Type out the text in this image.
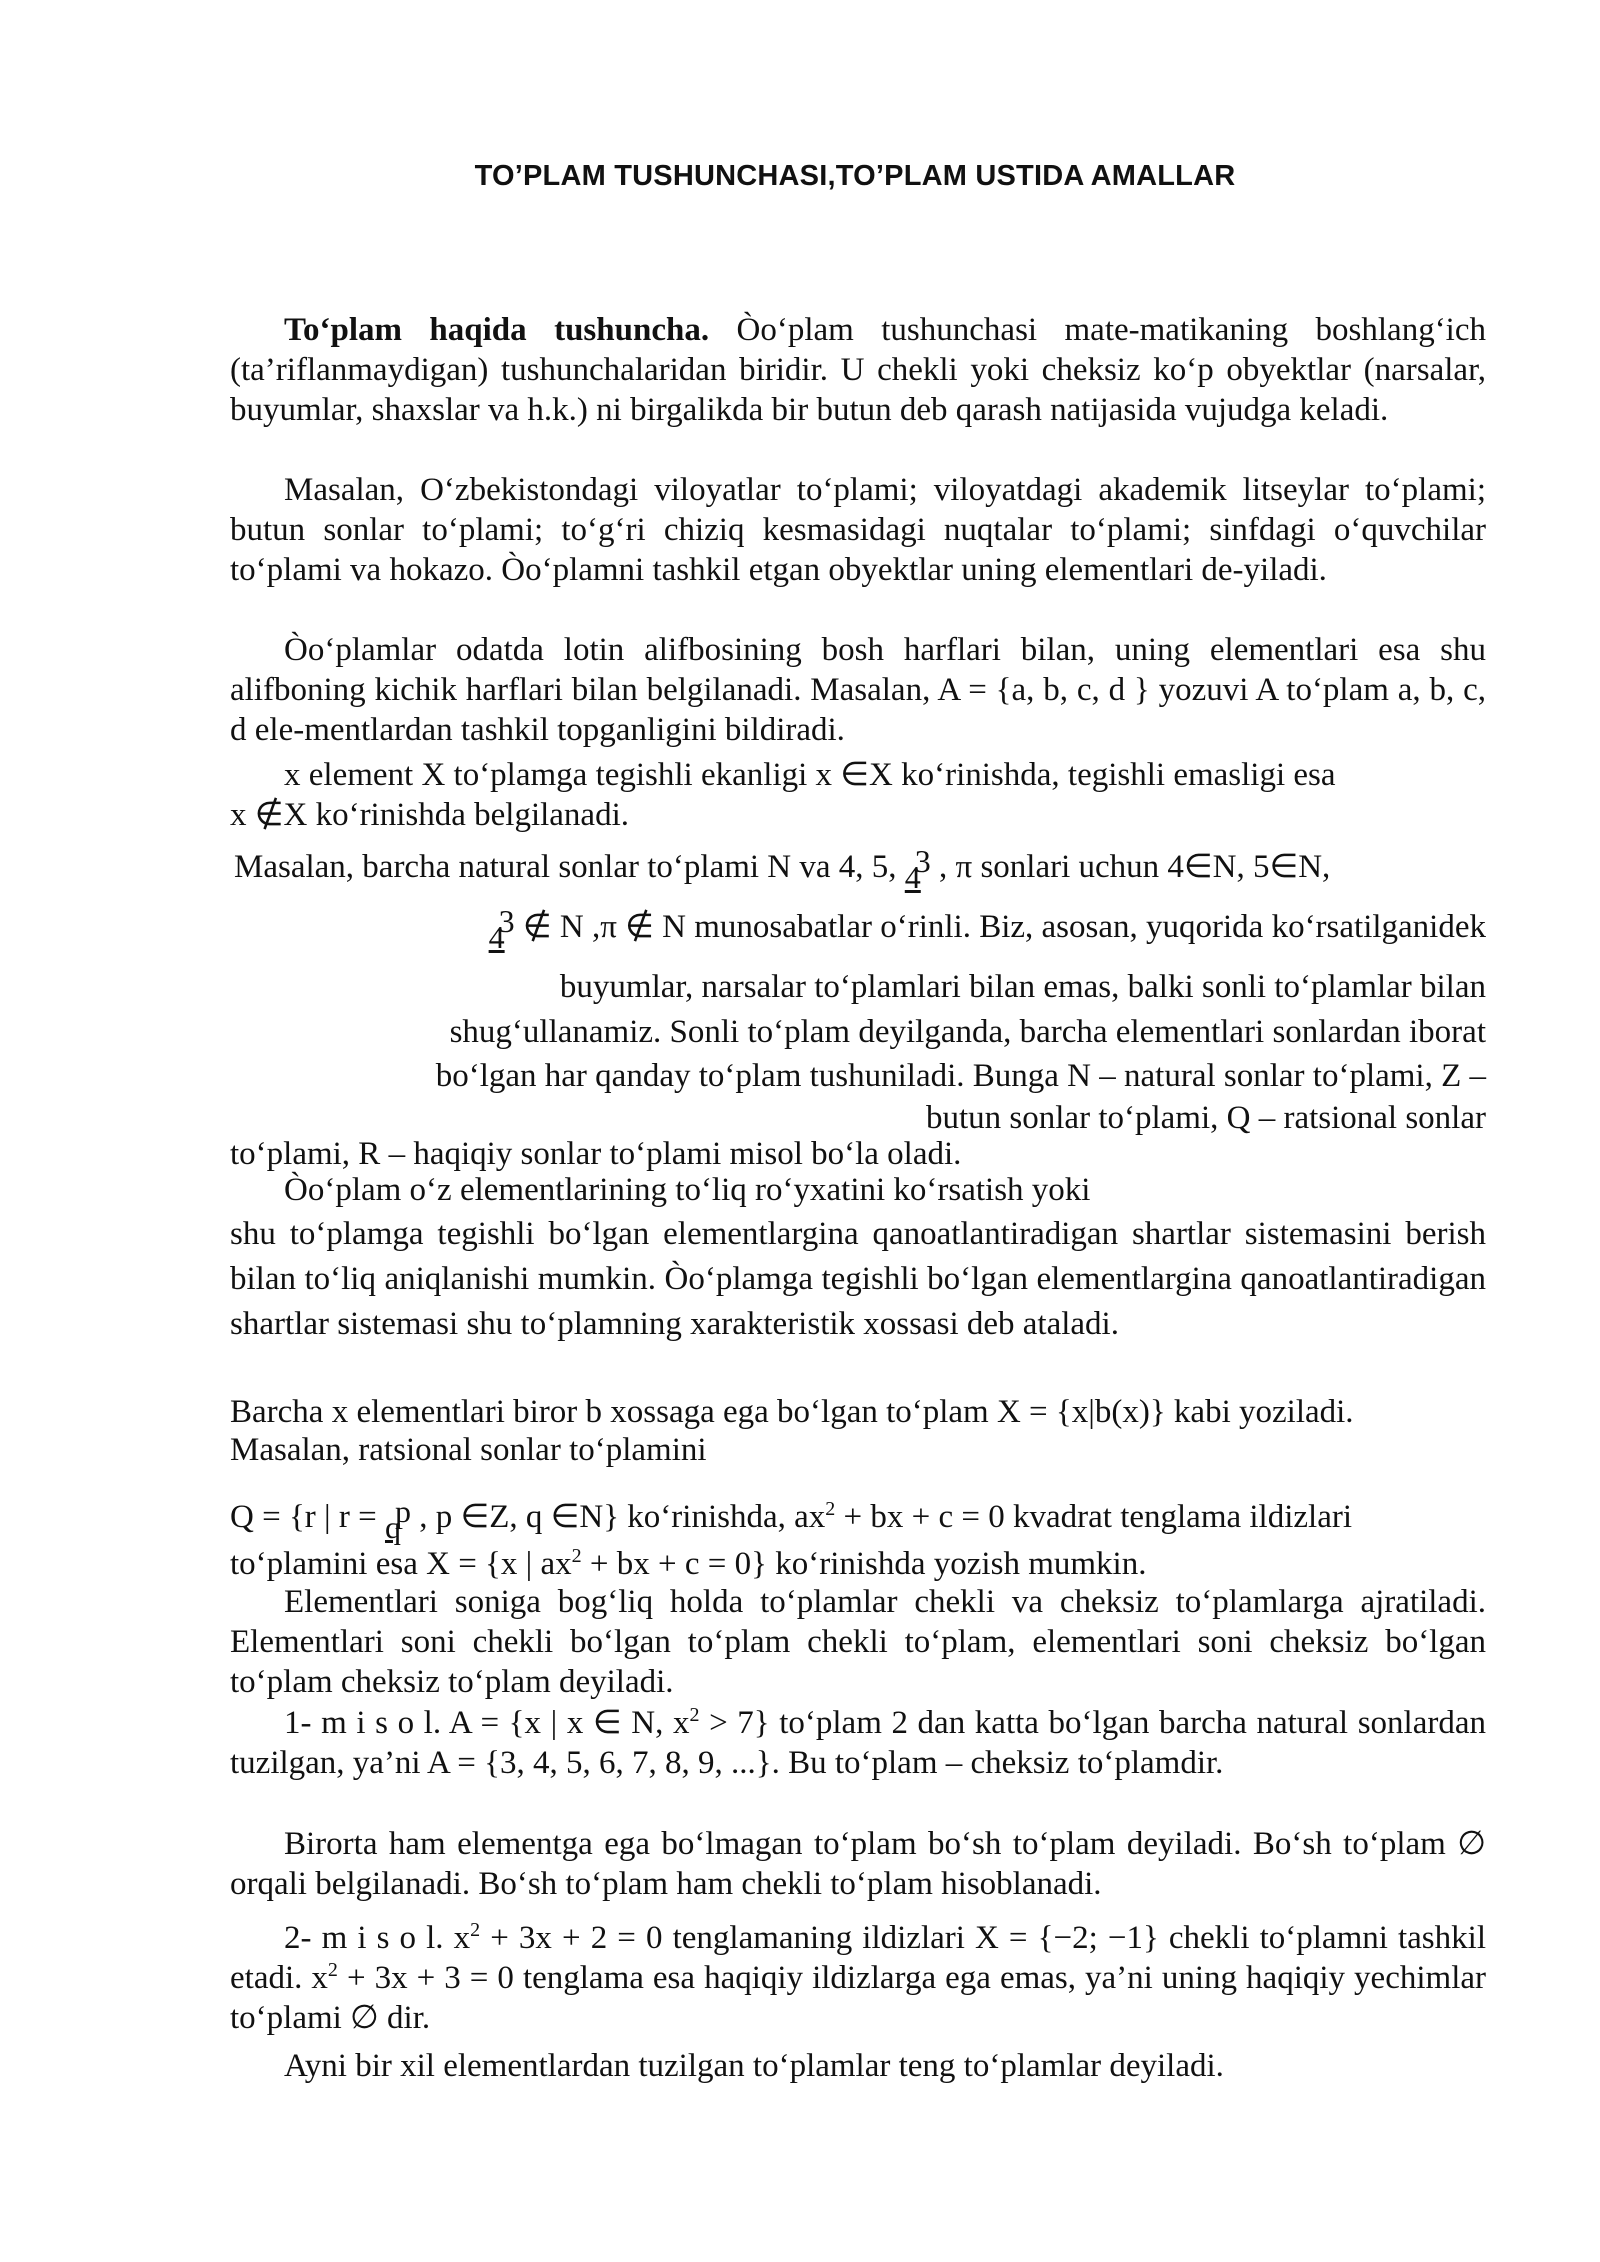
TO’PLAM TUSHUNCHASI,TO’PLAM USTIDA AMALLAR
To‘plam haqida tushuncha. Òo‘plam tushunchasi mate-matikaning boshlang‘ich (ta’riflanmaydigan) tushunchalaridan biridir. U chekli yoki cheksiz ko‘p obyektlar (narsalar, buyumlar, shaxslar va h.k.) ni birgalikda bir butun deb qarash natijasida vujudga keladi.
Masalan, O‘zbekistondagi viloyatlar to‘plami; viloyatdagi akademik litseylar to‘plami; butun sonlar to‘plami; to‘g‘ri chiziq kesmasidagi nuqtalar to‘plami; sinfdagi o‘quvchilar to‘plami va hokazo. Òo‘plamni tashkil etgan obyektlar uning elementlari de-yiladi.
Òo‘plamlar odatda lotin alifbosining bosh harflari bilan, uning elementlari esa shu alifboning kichik harflari bilan belgilanadi. Masalan, A = {a, b, c, d } yozuvi A to‘plam a, b, c, d ele-mentlardan tashkil topganligini bildiradi.
x element X to‘plamga tegishli ekanligi x ∈X ko‘rinishda, tegishli emasligi esa
x ∉X ko‘rinishda belgilanadi.
Masalan, barcha natural sonlar to‘plami N va 4, 5, 3
4 , π sonlari uchun 4∈N, 5∈N,
3
4 ∉ N ,π ∉ N munosabatlar o‘rinli. Biz, asosan, yuqorida ko‘rsatilganidek
buyumlar, narsalar to‘plamlari bilan emas, balki sonli to‘plamlar bilan
shug‘ullanamiz. Sonli to‘plam deyilganda, barcha elementlari sonlardan iborat
bo‘lgan har qanday to‘plam tushuniladi. Bunga N – natural sonlar to‘plami, Z –
butun sonlar to‘plami, Q – ratsional sonlar
to‘plami, R – haqiqiy sonlar to‘plami misol bo‘la oladi.
Òo‘plam o‘z elementlarining to‘liq ro‘yxatini ko‘rsatish yoki
shu to‘plamga tegishli bo‘lgan elementlargina qanoatlantiradigan shartlar sistemasini berish bilan to‘liq aniqlanishi mumkin. Òo‘plamga tegishli bo‘lgan elementlargina qanoatlantiradigan shartlar sistemasi shu to‘plamning xarakteristik xossasi deb ataladi.
Barcha x elementlari biror b xossaga ega bo‘lgan to‘plam X = {x|b(x)} kabi yoziladi.
Masalan, ratsional sonlar to‘plamini
Q = {r | r = p
q , p ∈Z, q ∈N} ko‘rinishda, $ax^2$ + bx + c = 0 kvadrat tenglama ildizlari
to‘plamini esa X = {x | $ax^2$ + bx + c = 0} ko‘rinishda yozish mumkin.
Elementlari soniga bog‘liq holda to‘plamlar chekli va cheksiz to‘plamlarga ajratiladi. Elementlari soni chekli bo‘lgan to‘plam chekli to‘plam, elementlari soni cheksiz bo‘lgan to‘plam cheksiz to‘plam deyiladi.
1- m i s o l. A = {x | x ∈ N, $x^2 > 7$} to‘plam 2 dan katta bo‘lgan barcha natural sonlardan tuzilgan, ya’ni A = {3, 4, 5, 6, 7, 8, 9, ...}. Bu to‘plam – cheksiz to‘plamdir.
Birorta ham elementga ega bo‘lmagan to‘plam bo‘sh to‘plam deyiladi. Bo‘sh to‘plam ∅ orqali belgilanadi. Bo‘sh to‘plam ham chekli to‘plam hisoblanadi.
2- m i s o l. $x^2 + 3x + 2 = 0$ tenglamaning ildizlari X = {−2; −1} chekli to‘plamni tashkil etadi. $x^2 + 3x + 3 = 0$ tenglama esa haqiqiy ildizlarga ega emas, ya’ni uning haqiqiy yechimlar to‘plami ∅ dir.
Ayni bir xil elementlardan tuzilgan to‘plamlar teng to‘plamlar deyiladi.
